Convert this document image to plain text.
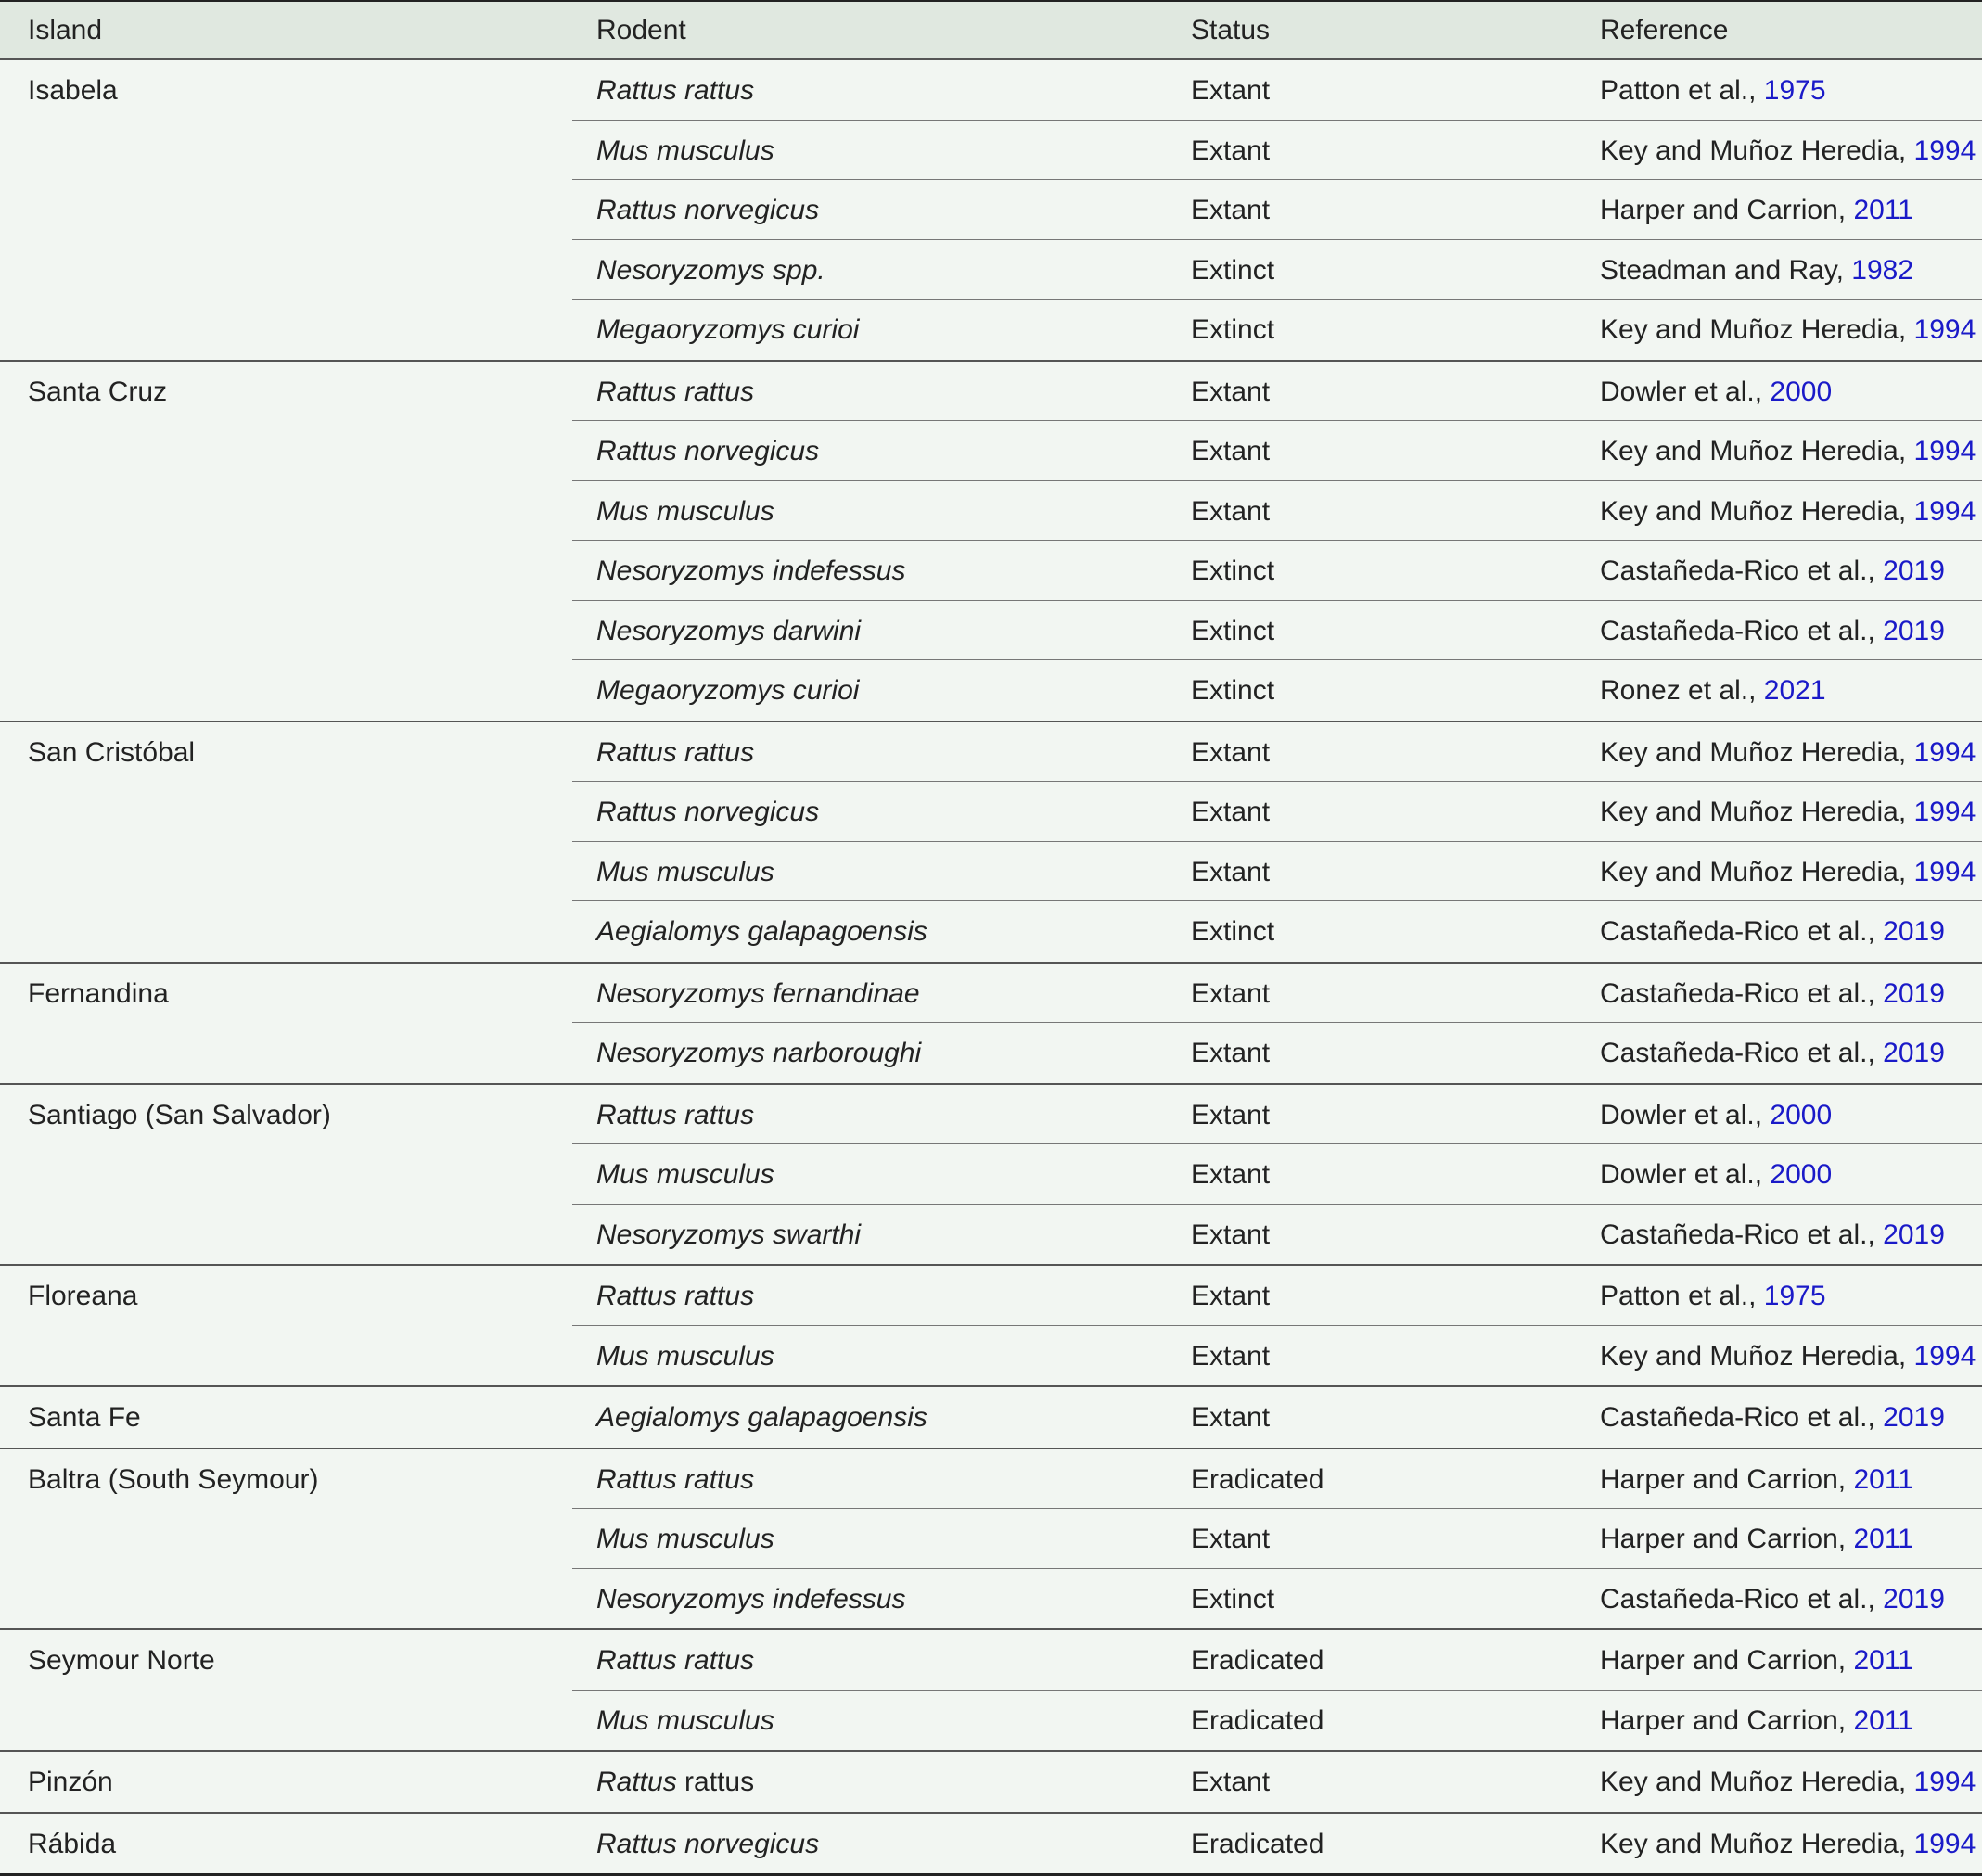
Island	Rodent	Status	Reference
Isabela	Rattus rattus	Extant	Patton et al., 1975
Mus musculus	Extant	Key and Muñoz Heredia, 1994
Rattus norvegicus	Extant	Harper and Carrion, 2011
Nesoryzomys spp.	Extinct	Steadman and Ray, 1982
Megaoryzomys curioi	Extinct	Key and Muñoz Heredia, 1994
Santa Cruz	Rattus rattus	Extant	Dowler et al., 2000
Rattus norvegicus	Extant	Key and Muñoz Heredia, 1994
Mus musculus	Extant	Key and Muñoz Heredia, 1994
Nesoryzomys indefessus	Extinct	Castañeda-Rico et al., 2019
Nesoryzomys darwini	Extinct	Castañeda-Rico et al., 2019
Megaoryzomys curioi	Extinct	Ronez et al., 2021
San Cristóbal	Rattus rattus	Extant	Key and Muñoz Heredia, 1994
Rattus norvegicus	Extant	Key and Muñoz Heredia, 1994
Mus musculus	Extant	Key and Muñoz Heredia, 1994
Aegialomys galapagoensis	Extinct	Castañeda-Rico et al., 2019
Fernandina	Nesoryzomys fernandinae	Extant	Castañeda-Rico et al., 2019
Nesoryzomys narboroughi	Extant	Castañeda-Rico et al., 2019
Santiago (San Salvador)	Rattus rattus	Extant	Dowler et al., 2000
Mus musculus	Extant	Dowler et al., 2000
Nesoryzomys swarthi	Extant	Castañeda-Rico et al., 2019
Floreana	Rattus rattus	Extant	Patton et al., 1975
Mus musculus	Extant	Key and Muñoz Heredia, 1994
Santa Fe	Aegialomys galapagoensis	Extant	Castañeda-Rico et al., 2019
Baltra (South Seymour)	Rattus rattus	Eradicated	Harper and Carrion, 2011
Mus musculus	Extant	Harper and Carrion, 2011
Nesoryzomys indefessus	Extinct	Castañeda-Rico et al., 2019
Seymour Norte	Rattus rattus	Eradicated	Harper and Carrion, 2011
Mus musculus	Eradicated	Harper and Carrion, 2011
Pinzón	Rattus rattus	Extant	Key and Muñoz Heredia, 1994
Rábida	Rattus norvegicus	Eradicated	Key and Muñoz Heredia, 1994
